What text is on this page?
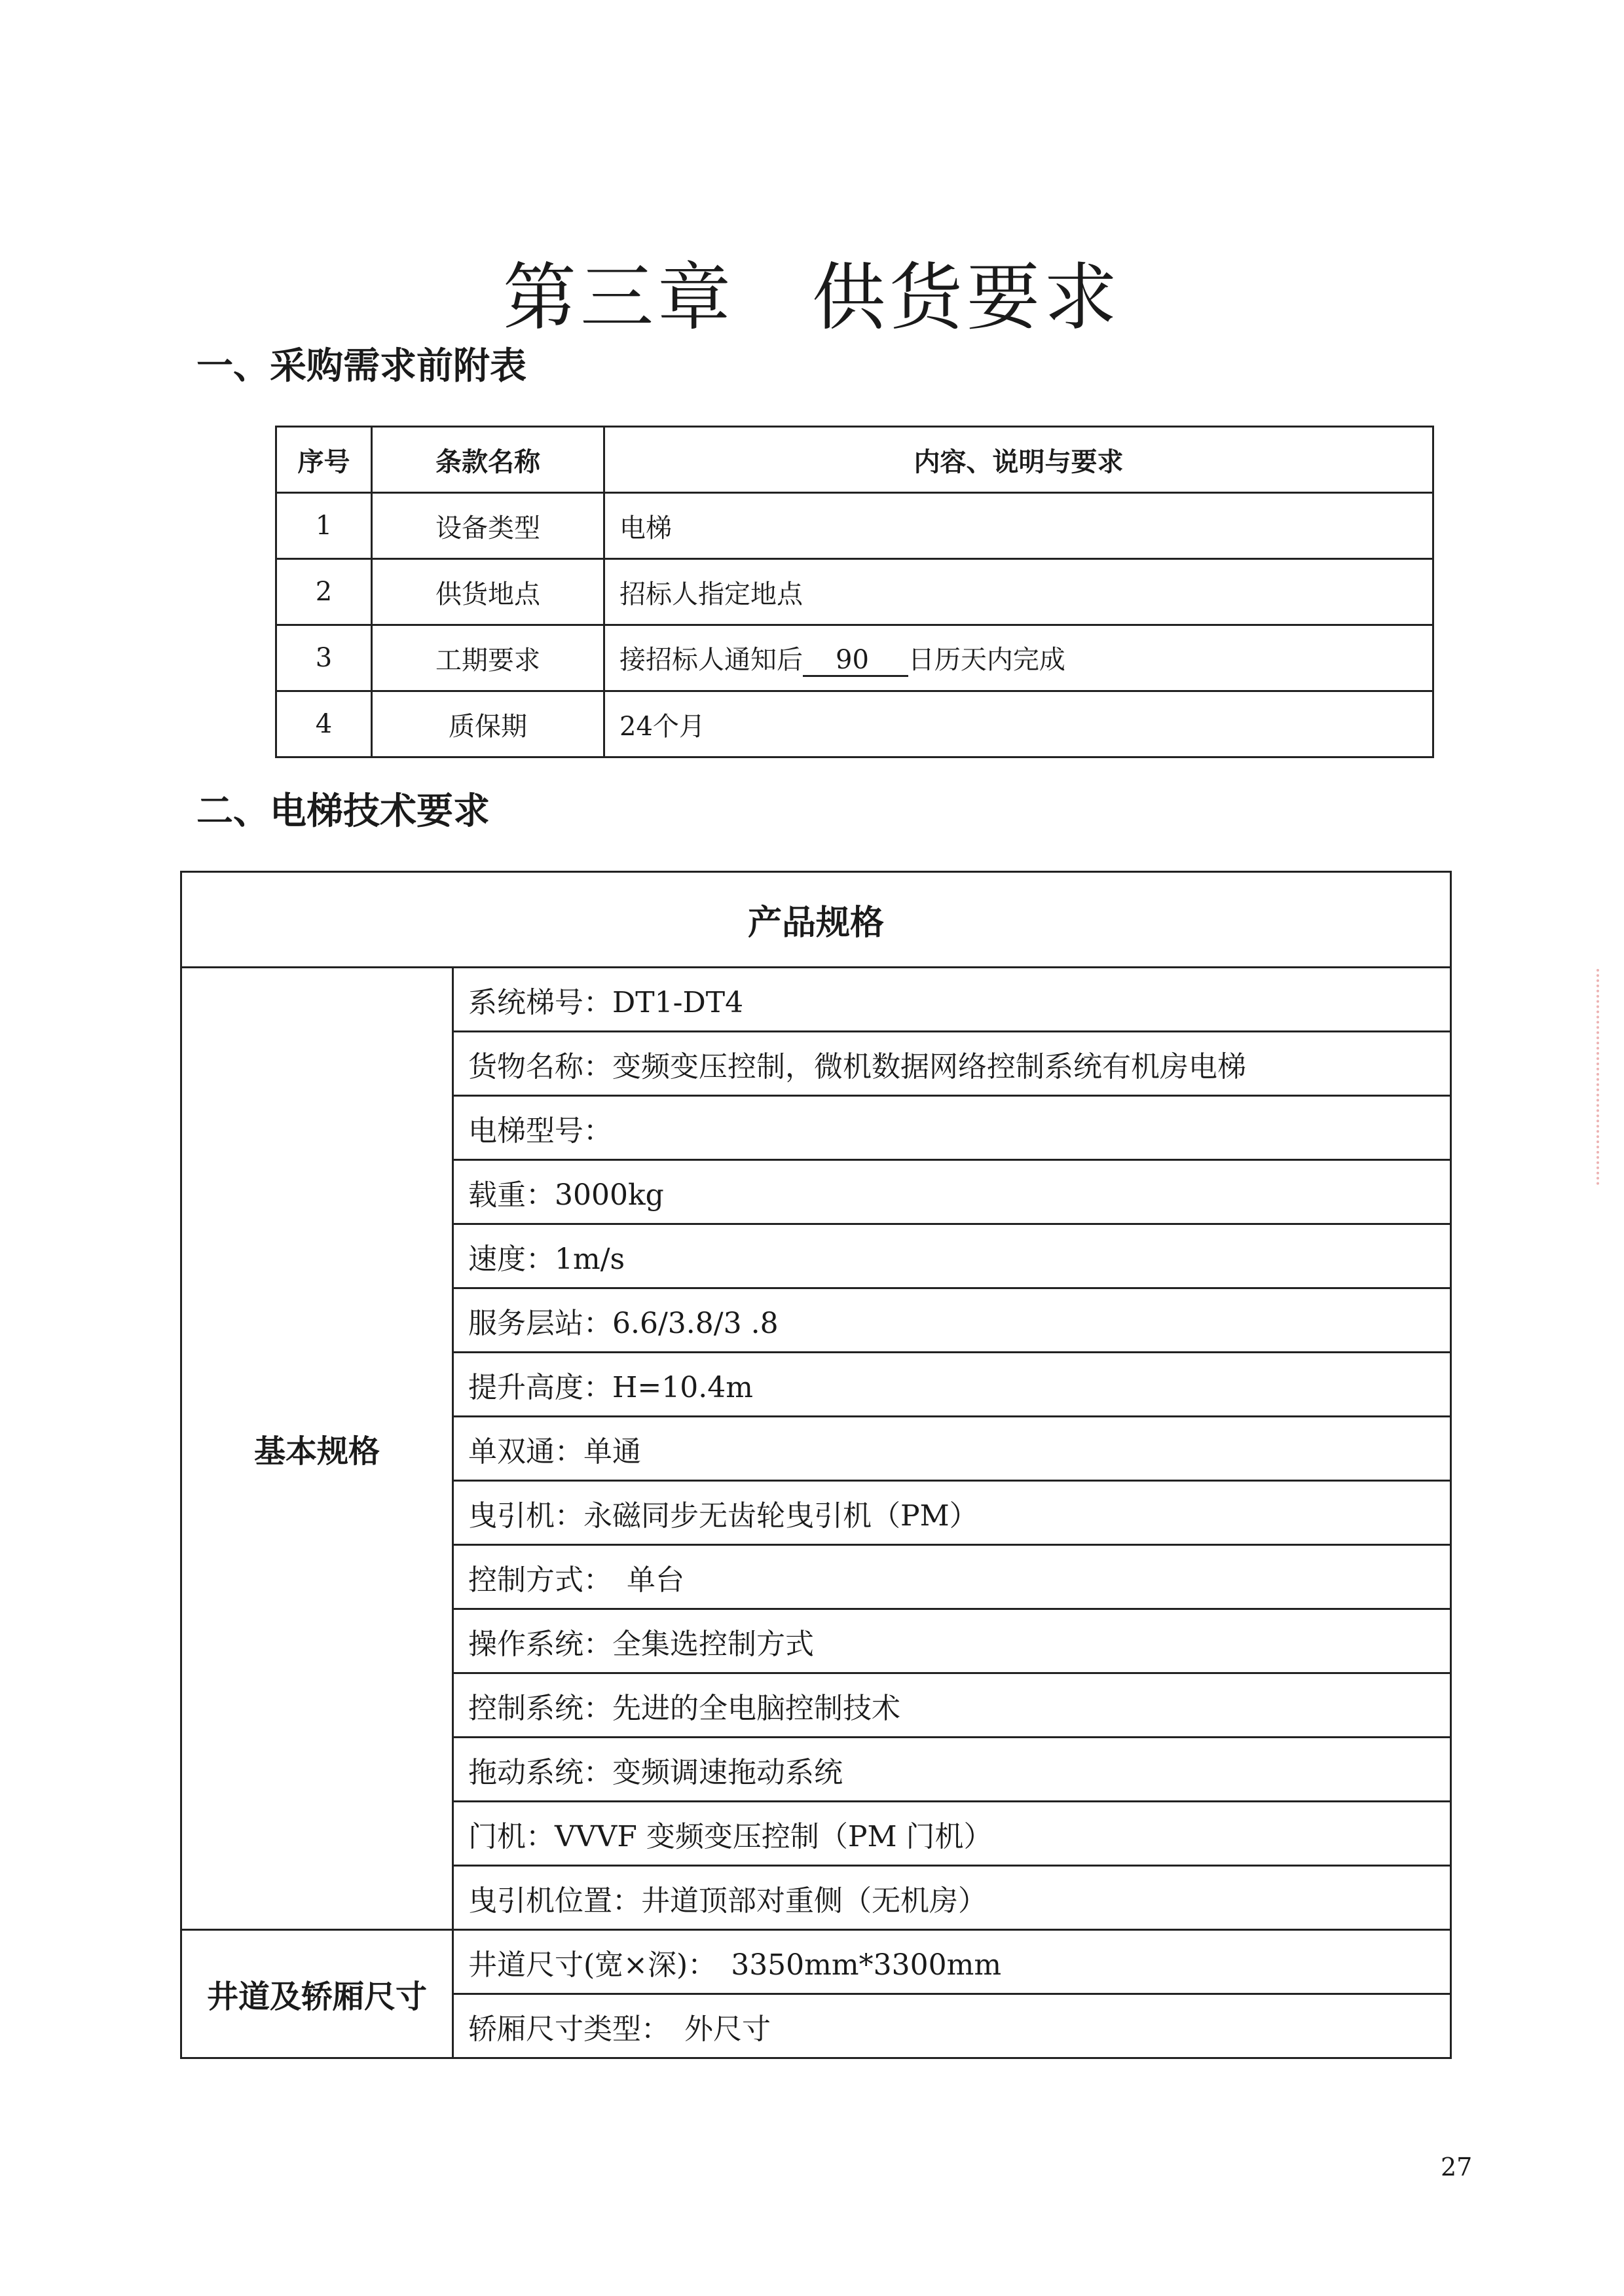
第三章　供货要求
一、采购需求前附表
序号	条款名称	内容、说明与要求
1	设备类型	电梯
2	供货地点	招标人指定地点
3	工期要求	接招标人通知后 90 日历天内完成
4	质保期	24个月
二、电梯技术要求
产品规格	
基本规格	系统梯号：DT1-DT4
	货物名称：变频变压控制，微机数据网络控制系统有机房电梯
	电梯型号：
	载重：3000kg
	速度：1m/s
	服务层站：6.6/3.8/3 .8
	提升高度：H=10.4m
	单双通：单通
	曳引机：永磁同步无齿轮曳引机（PM）
	控制方式：　单台
	操作系统：全集选控制方式
	控制系统：先进的全电脑控制技术
	拖动系统：变频调速拖动系统
	门机：VVVF 变频变压控制（PM 门机）
	曳引机位置：井道顶部对重侧（无机房）
井道及轿厢尺寸	井道尺寸(宽×深)：　3350mm*3300mm
	轿厢尺寸类型：　外尺寸
27
